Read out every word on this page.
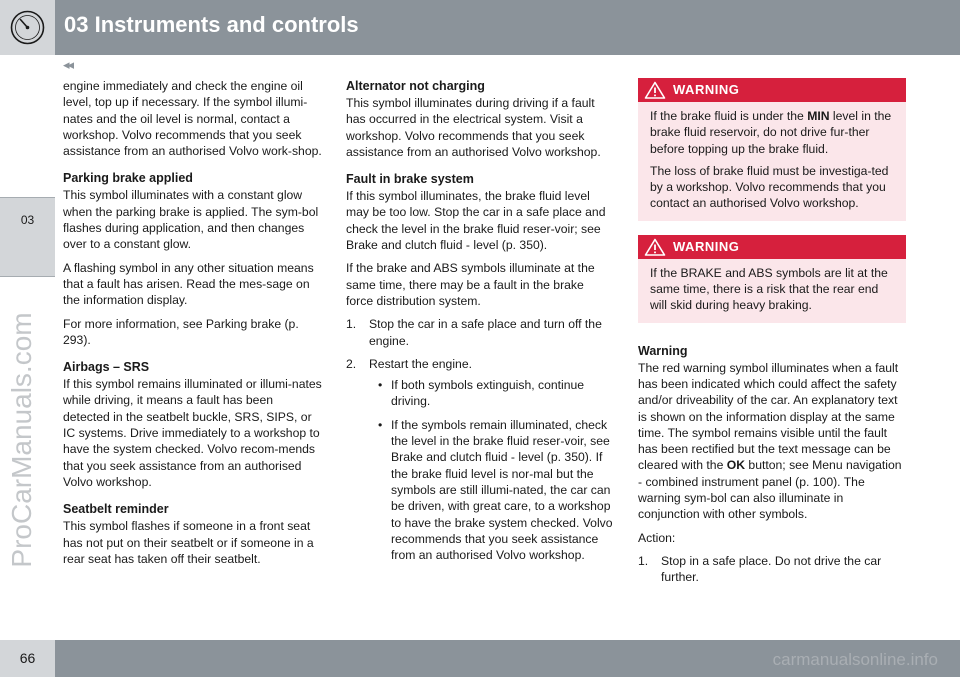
03 Instruments and controls
◂◂
03
ProCarManuals.com

engine immediately and check the engine oil level, top up if necessary. If the symbol illumi-nates and the oil level is normal, contact a workshop. Volvo recommends that you seek assistance from an authorised Volvo work-shop.

Parking brake applied

This symbol illuminates with a constant glow when the parking brake is applied. The sym-bol flashes during application, and then changes over to a constant glow.

A flashing symbol in any other situation means that a fault has arisen. Read the mes-sage on the information display.

For more information, see Parking brake (p. 293).

Airbags – SRS

If this symbol remains illuminated or illumi-nates while driving, it means a fault has been detected in the seatbelt buckle, SRS, SIPS, or IC systems. Drive immediately to a workshop to have the system checked. Volvo recom-mends that you seek assistance from an authorised Volvo workshop.

Seatbelt reminder

This symbol flashes if someone in a front seat has not put on their seatbelt or if someone in a rear seat has taken off their seatbelt.

Alternator not charging

This symbol illuminates during driving if a fault has occurred in the electrical system. Visit a workshop. Volvo recommends that you seek assistance from an authorised Volvo workshop.

Fault in brake system

If this symbol illuminates, the brake fluid level may be too low. Stop the car in a safe place and check the level in the brake fluid reser-voir; see Brake and clutch fluid - level (p. 350).

If the brake and ABS symbols illuminate at the same time, there may be a fault in the brake force distribution system.

1. Stop the car in a safe place and turn off the engine.
2. Restart the engine.
• If both symbols extinguish, continue driving.
• If the symbols remain illuminated, check the level in the brake fluid reser-voir, see Brake and clutch fluid - level (p. 350). If the brake fluid level is nor-mal but the symbols are still illumi-nated, the car can be driven, with great care, to a workshop to have the brake system checked. Volvo recommends that you seek assistance from an authorised Volvo workshop.
WARNING

If the brake fluid is under the MIN level in the brake fluid reservoir, do not drive fur-ther before topping up the brake fluid.

The loss of brake fluid must be investiga-ted by a workshop. Volvo recommends that you contact an authorised Volvo workshop.

WARNING

If the BRAKE and ABS symbols are lit at the same time, there is a risk that the rear end will skid during heavy braking.

Warning

The red warning symbol illuminates when a fault has been indicated which could affect the safety and/or driveability of the car. An explanatory text is shown on the information display at the same time. The symbol remains visible until the fault has been rectified but the text message can be cleared with the OK button; see Menu navigation - combined instrument panel (p. 100). The warning sym-bol can also illuminate in conjunction with other symbols.

Action:

1. Stop in a safe place. Do not drive the car further.
66	carmanualsonline.info
